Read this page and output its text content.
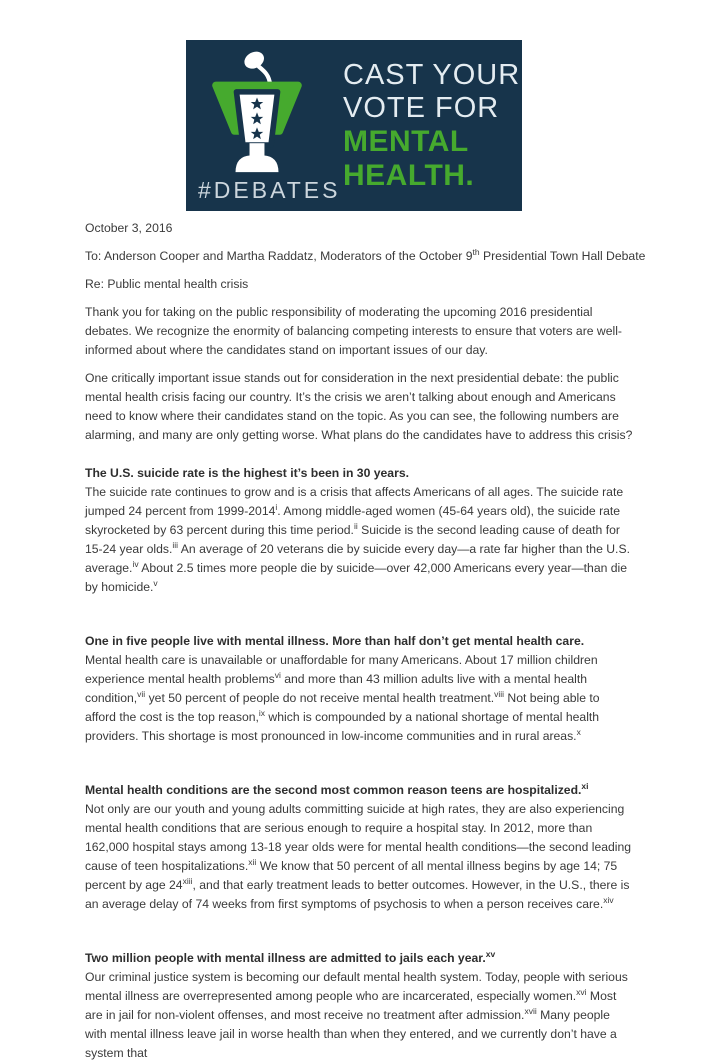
#DEBATES
CAST YOUR
VOTE FOR
MENTAL
HEALTH.

October 3, 2016

To: Anderson Cooper and Martha Raddatz, Moderators of the October 9th Presidential Town Hall Debate

Re: Public mental health crisis

Thank you for taking on the public responsibility of moderating the upcoming 2016 presidential debates. We recognize the enormity of balancing competing interests to ensure that voters are well-informed about where the candidates stand on important issues of our day.

One critically important issue stands out for consideration in the next presidential debate: the public mental health crisis facing our country. It’s the crisis we aren’t talking about enough and Americans need to know where their candidates stand on the topic. As you can see, the following numbers are alarming, and many are only getting worse. What plans do the candidates have to address this crisis?

The U.S. suicide rate is the highest it’s been in 30 years.

The suicide rate continues to grow and is a crisis that affects Americans of all ages. The suicide rate jumped 24 percent from 1999-2014$^i$. Among middle-aged women (45-64 years old), the suicide rate skyrocketed by 63 percent during this time period.$^{ii}$ Suicide is the second leading cause of death for 15-24 year olds.$^{iii}$ An average of 20 veterans die by suicide every day—a rate far higher than the U.S. average.$^{iv}$ About 2.5 times more people die by suicide—over 42,000 Americans every year—than die by homicide.$^v$

One in five people live with mental illness. More than half don’t get mental health care.

Mental health care is unavailable or unaffordable for many Americans. About 17 million children experience mental health problems$^{vi}$ and more than 43 million adults live with a mental health condition,$^{vii}$ yet 50 percent of people do not receive mental health treatment.$^{viii}$ Not being able to afford the cost is the top reason,$^{ix}$ which is compounded by a national shortage of mental health providers. This shortage is most pronounced in low-income communities and in rural areas.$^x$

Mental health conditions are the second most common reason teens are hospitalized.$^{xi}$

Not only are our youth and young adults committing suicide at high rates, they are also experiencing mental health conditions that are serious enough to require a hospital stay. In 2012, more than 162,000 hospital stays among 13-18 year olds were for mental health conditions—the second leading cause of teen hospitalizations.$^{xii}$ We know that 50 percent of all mental illness begins by age 14; 75 percent by age 24$^{xiii}$, and that early treatment leads to better outcomes. However, in the U.S., there is an average delay of 74 weeks from first symptoms of psychosis to when a person receives care.$^{xiv}$

Two million people with mental illness are admitted to jails each year.$^{xv}$

Our criminal justice system is becoming our default mental health system. Today, people with serious mental illness are overrepresented among people who are incarcerated, especially women.$^{xvi}$ Most are in jail for non-violent offenses, and most receive no treatment after admission.$^{xvii}$ Many people with mental illness leave jail in worse health than when they entered, and we currently don’t have a system that
